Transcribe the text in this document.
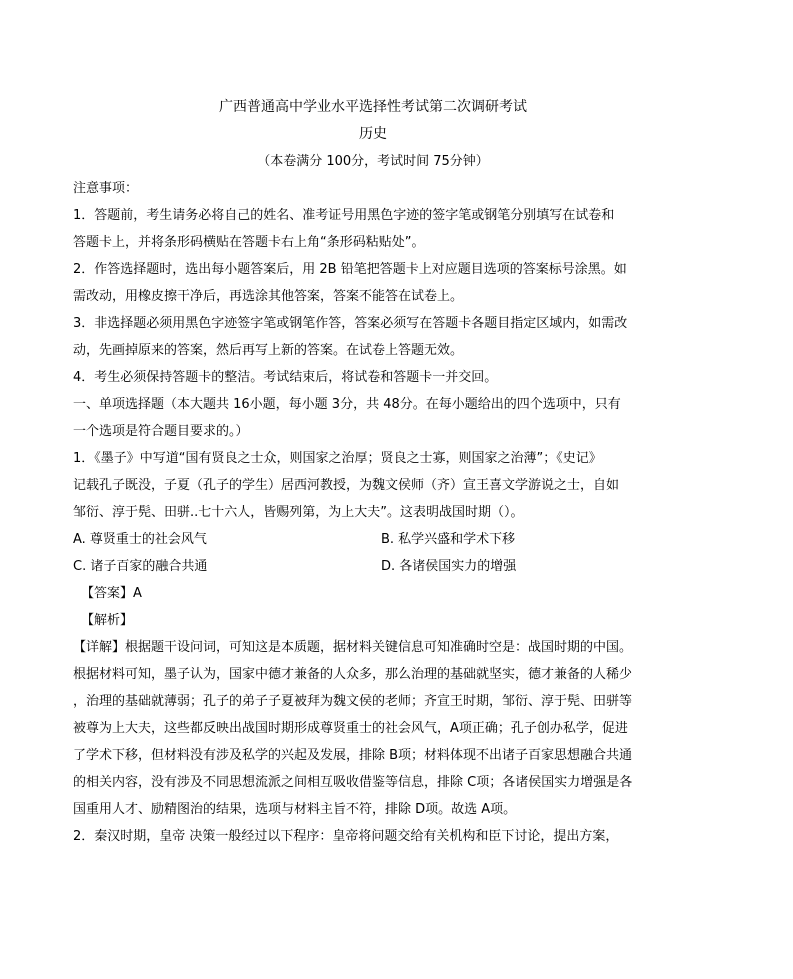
广西普通高中学业水平选择性考试第二次调研考试

历史

（本卷满分 100分，考试时间 75分钟）

注意事项：

1．答题前，考生请务必将自己的姓名、准考证号用黑色字迹的签字笔或钢笔分别填写在试卷和

答题卡上，并将条形码横贴在答题卡右上角“条形码粘贴处”。

2．作答选择题时，选出每小题答案后，用 2B 铅笔把答题卡上对应题目选项的答案标号涂黑。如

需改动，用橡皮擦干净后，再选涂其他答案，答案不能答在试卷上。

3．非选择题必须用黑色字迹签字笔或钢笔作答，答案必须写在答题卡各题目指定区域内，如需改

动，先画掉原来的答案，然后再写上新的答案。在试卷上答题无效。

4．考生必须保持答题卡的整洁。考试结束后，将试卷和答题卡一并交回。

一、单项选择题（本大题共 16小题，每小题 3分，共 48分。在每小题给出的四个选项中，只有

一个选项是符合题目要求的。）

1．《墨子》中写道“国有贤良之士众，则国家之治厚；贤良之士寡，则国家之治薄”；《史记》

记载孔子既没，子夏（孔子的学生）居西河教授，为魏文侯师（齐）宣王喜文学游说之士，自如

邹衍、淳于髡、田骈..七十六人，皆赐列第，为上大夫”。这表明战国时期（）。

A. 尊贤重士的社会风气	B. 私学兴盛和学术下移
C. 诸子百家的融合共通	D. 各诸侯国实力的增强

【答案】A

【解析】

【详解】根据题干设问词，可知这是本质题，据材料关键信息可知准确时空是：战国时期的中国。

根据材料可知，墨子认为，国家中德才兼备的人众多，那么治理的基础就坚实，德才兼备的人稀少

，治理的基础就薄弱；孔子的弟子子夏被拜为魏文侯的老师；齐宣王时期，邹衍、淳于髡、田骈等

被尊为上大夫，这些都反映出战国时期形成尊贤重士的社会风气，A项正确；孔子创办私学，促进

了学术下移，但材料没有涉及私学的兴起及发展，排除 B项；材料体现不出诸子百家思想融合共通

的相关内容，没有涉及不同思想流派之间相互吸收借鉴等信息，排除 C项；各诸侯国实力增强是各

国重用人才、励精图治的结果，选项与材料主旨不符，排除 D项。故选 A项。

2．秦汉时期，皇帝 决策一般经过以下程序：皇帝将问题交给有关机构和臣下讨论，提出方案，
